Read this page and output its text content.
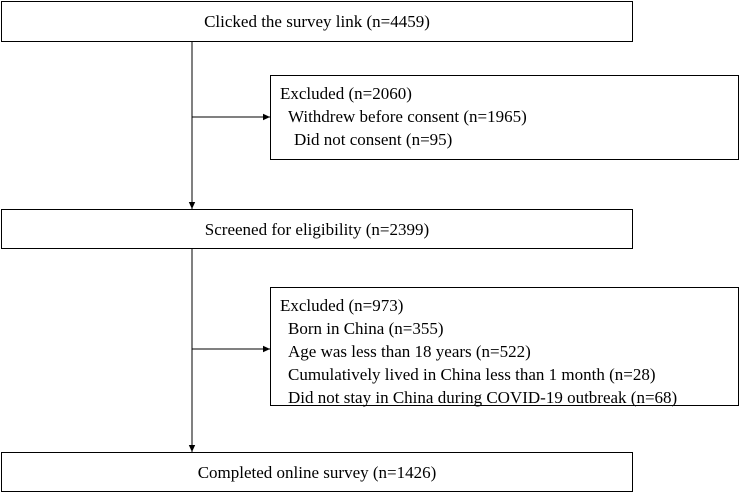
Clicked the survey link (n=4459)
Excluded (n=2060)
Withdrew before consent (n=1965)
Did not consent (n=95)
Screened for eligibility (n=2399)
Excluded (n=973)
Born in China (n=355)
Age was less than 18 years (n=522)
Cumulatively lived in China less than 1 month (n=28)
Did not stay in China during COVID-19 outbreak (n=68)
Completed online survey (n=1426)
